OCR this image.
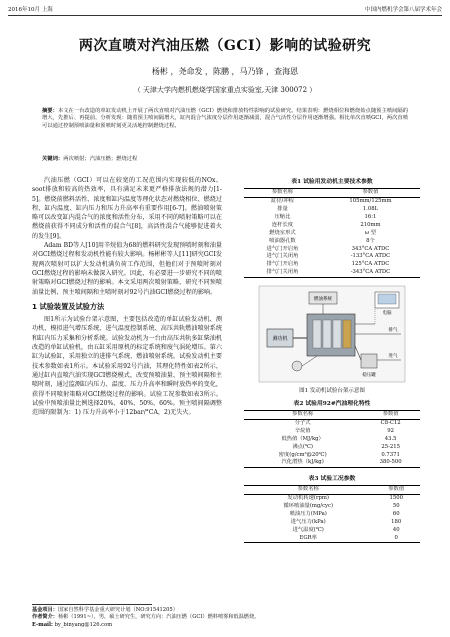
2016年10月 上海	中国内燃机学会第八届学术年会
两次直喷对汽油压燃（GCI）影响的试验研究
杨彬 ，尧命发 ，陈鹏 ，马乃锋 ，查海恩
（ 天津大学内燃机燃烧学国家重点实验室,天津 300072 ）
摘要：本文在一台改造的单缸发动机上开展了两次直喷对汽油压燃（GCI）燃烧和排放特性影响的试验研究。结果表明：燃烧相位和燃烧始点随预主喷间隔的增大，先推后、再提前，分析发现：随着预主喷间隔增大，缸内混合气浓度分层作用逐渐减弱，混合气活性分层作用逐渐增强。相比单次直喷GCI，两次直喷可以通过控制预喷油量和预喷时刻更灵活地控制燃烧过程。
关键词：两次喷射；汽油压燃；燃烧过程

汽油压燃（GCI）可以在较宽的工况范围内实现较低的NOx、soot排放和较高的热效率，具有满足未来更严格排放法规的潜力[1-5]。燃烧前燃料活性、浓度和缸内温度等理化状态对燃烧相位、燃烧过程、缸内温度、缸内压力和压力升高率有重要作用[6-7]。燃油喷射策略可以改变缸内混合气的浓度和活性分布，采用不同的喷射策略可以在燃烧前获得不同成分和活性的混合气[8]，高活性混合气能够促进着火的发生[9]。

Adam BD等人[10]用辛烷值为68的燃料研究发现预喷时刻和油量对GCI燃烧过程和发动机性能有较大影响。杨彬彬等人[11]研究GCI发现两次喷射可以扩大发动机满负荷工作范围，但他们对于预喷时刻对GCI燃烧过程的影响未做深入研究。因此，有必要进一步研究不同的喷射策略对GCI燃烧过程的影响。本文采用两次喷射策略，研究不同预喷油量比例、预主喷间隔和主喷时刻对92号汽油GCI燃烧过程的影响。

1 试验装置及试验方法

图1所示为试验台架示意图，主要包括改造的单缸试验发动机、测功机、模拟进气增压系统、进气温度控制系统、高压共轨燃油喷射系统和缸内压力采集和分析系统。试验发动机为一台由高压共轨多缸柴油机改造的单缸试验机，由五缸采用原机的标定系统和废气涡轮增压。第六缸为试验缸，采用独立的进排气系统、燃油喷射系统。试验发动机主要技术参数如表1所示。本试验采用92号汽油，其理化特性如表2所示，通过缸内直喷汽油实现GCI燃烧模式，改变预喷油量、预主喷间隔和主喷时刻，通过监测缸内压力、温度、压力升高率和瞬时放热率的变化，获得不同喷射策略对GCI燃烧过程的影响。试验工况参数如表3所示。试验中预喷油量比例选择20%、40%、50%、60%。预主喷间隔调整范围的限制为：1) 压力升高率小于12bar/°CA，2)无失火。

表1 试验用发动机主要技术参数
参数名称	参数值
缸径/冲程	105mm/125mm
排量	1.08L
压缩比	16:1
连杆长度	210mm
燃烧室形式	ω 型
喷油器孔数	8个
进气门开启角	343°CA ATDC
进气门关闭角	-133°CA ATDC
排气门开启角	125°CA ATDC
排气门关闭角	-343°CA ATDC
测功机
燃油系统
电脑
稳压罐
进气
排气
图1 发动机试验台架示意图
表2 试验用92#汽油理化特性
参数名称	参数值
分子式	C8-C12
辛烷值	92
低热值（MJ/kg）	43.5
沸点(℃)	25-215
密度(g/cm³@20℃)	0.7371
汽化潜热（kJ/kg)	380-500
表3 试验工况参数
参数名称	参数值
发动机转速(rpm)	1500
循环喷油量(mg/cyc)	50
喷油压力(MPa)	60
进气压力(kPa)	180
进气温度(℃)	40
EGR率	0
基金项目：国家自然科学基金重大研究计划（NO:91541205）
作者简介：杨彬（1991~），男，硕士研究生，研究方向：汽油压燃（GCI）燃料喷雾和低温燃烧。
E-mail: by_binyang@126.com
